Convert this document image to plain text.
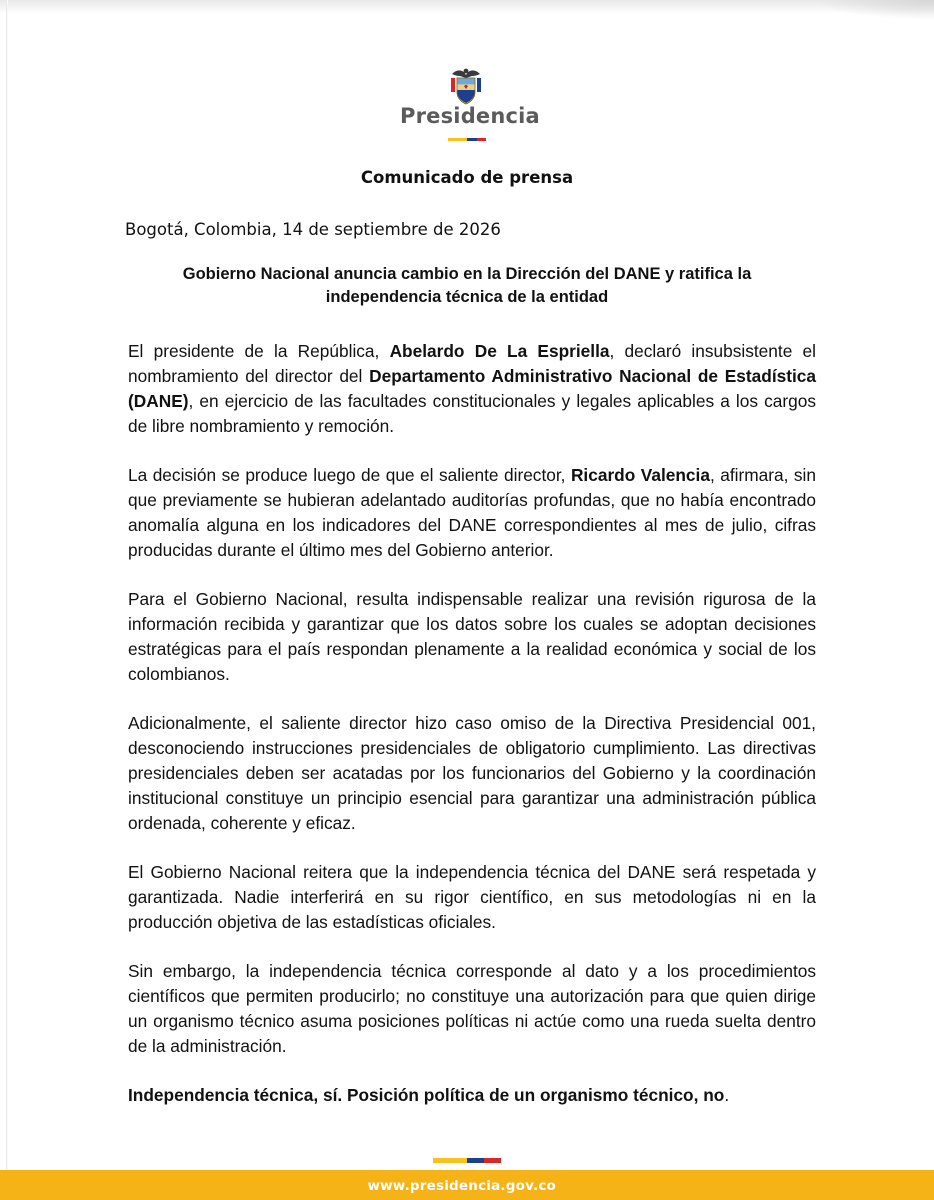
Presidencia
Comunicado de prensa
Bogotá, Colombia, 14 de septiembre de 2026
Gobierno Nacional anuncia cambio en la Dirección del DANE y ratifica la
independencia técnica de la entidad

El presidente de la República, Abelardo De La Espriella, declaró insubsistente el nombramiento del director del Departamento Administrativo Nacional de Estadística (DANE), en ejercicio de las facultades constitucionales y legales aplicables a los cargos de libre nombramiento y remoción.

La decisión se produce luego de que el saliente director, Ricardo Valencia, afirmara, sin que previamente se hubieran adelantado auditorías profundas, que no había encontrado anomalía alguna en los indicadores del DANE correspondientes al mes de julio, cifras producidas durante el último mes del Gobierno anterior.

Para el Gobierno Nacional, resulta indispensable realizar una revisión rigurosa de la información recibida y garantizar que los datos sobre los cuales se adoptan decisiones estratégicas para el país respondan plenamente a la realidad económica y social de los colombianos.

Adicionalmente, el saliente director hizo caso omiso de la Directiva Presidencial 001, desconociendo instrucciones presidenciales de obligatorio cumplimiento. Las directivas presidenciales deben ser acatadas por los funcionarios del Gobierno y la coordinación institucional constituye un principio esencial para garantizar una administración pública ordenada, coherente y eficaz.

El Gobierno Nacional reitera que la independencia técnica del DANE será respetada y garantizada. Nadie interferirá en su rigor científico, en sus metodologías ni en la producción objetiva de las estadísticas oficiales.

Sin embargo, la independencia técnica corresponde al dato y a los procedimientos científicos que permiten producirlo; no constituye una autorización para que quien dirige un organismo técnico asuma posiciones políticas ni actúe como una rueda suelta dentro de la administración.

Independencia técnica, sí. Posición política de un organismo técnico, no.

www.presidencia.gov.co
